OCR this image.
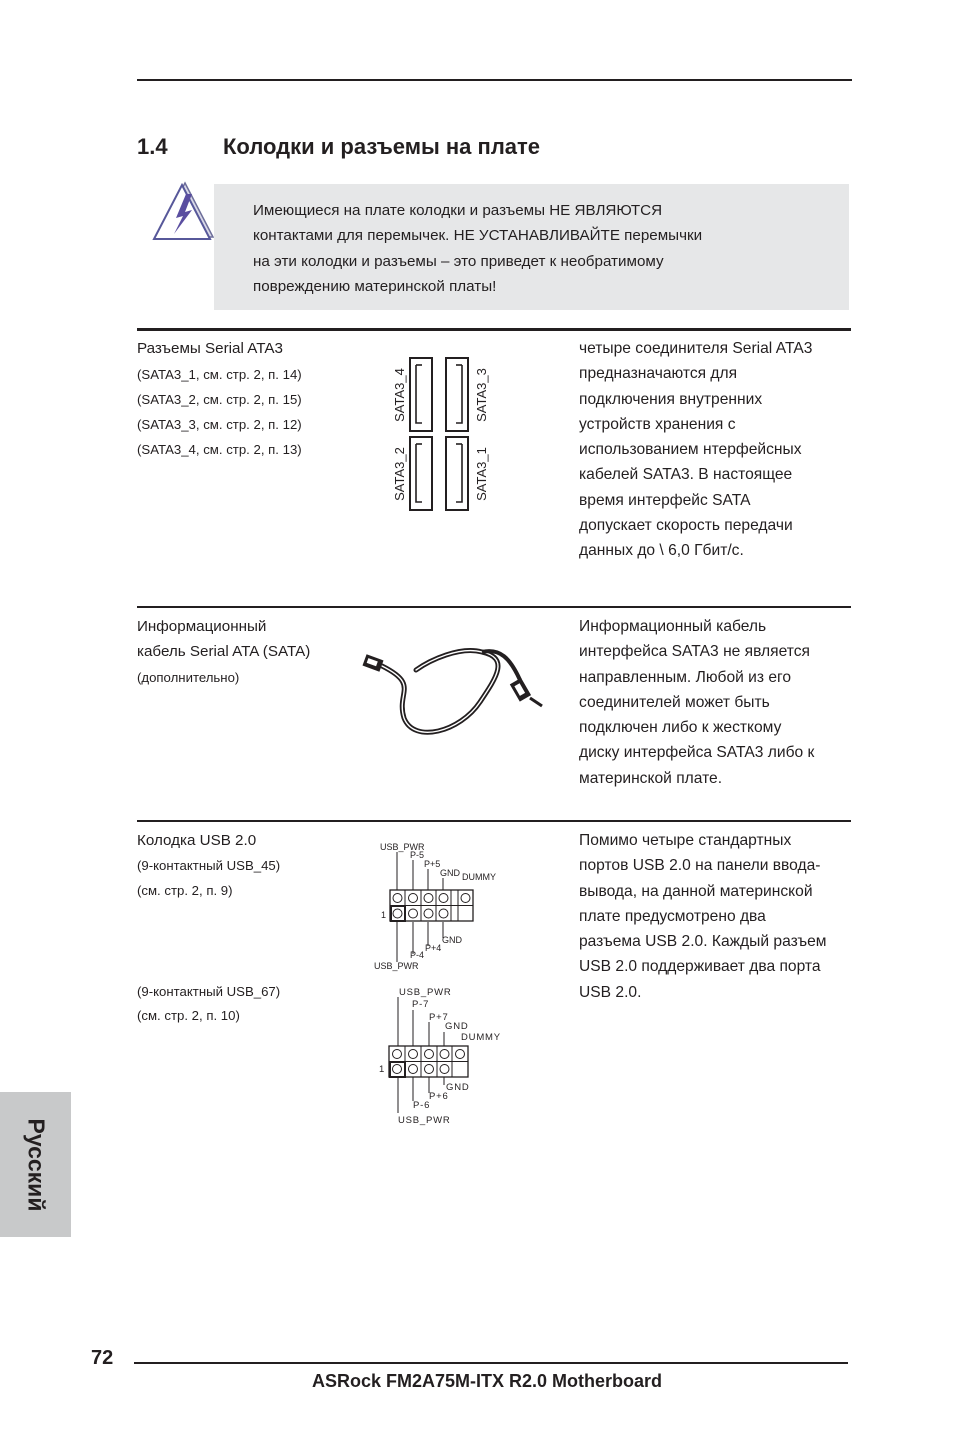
1.4	Колодки и разъемы на плате
Имеющиеся на плате колодки и разъемы НЕ ЯВЛЯЮТСЯ
контактами для перемычек. НЕ УСТАНАВЛИВАЙТЕ перемычки
на эти колодки и разъемы – это приведет к необратимому
повреждению материнской платы!
Разъемы Serial ATA3
(SATA3_1, см. стр. 2, п. 14)
(SATA3_2, см. стр. 2, п. 15)
(SATA3_3, см. стр. 2, п. 12)
(SATA3_4, см. стр. 2, п. 13)
SATA3_4	SATA3_3
SATA3_2	SATA3_1
четыре соединителя Serial ATA3
предназначаются для
подключения внутренних
устройств хранения с
использованием нтерфейсных
кабелей SATA3. В настоящее
время интерфейс SATA
допускает скорость передачи
данных до \ 6,0 Гбит/с.
Информационный
кабель Serial ATA (SATA)
(дополнительно)
Информационный кабель
интерфейса SATA3 не является
направленным. Любой из его
соединителей может быть
подключен либо к жесткому
диску интерфейса SATA3 либо к
материнской плате.
Колодка USB 2.0
(9-контактный USB_45)
(см. стр. 2, п. 9)
(9-контактный USB_67)
(см. стр. 2, п. 10)
USB_PWR
P-5
P+5
GND DUMMY
GND
P+4
P-4
USB_PWR
1
USB_PWR
P-7
P+7
GND
DUMMY
GND
P+6
P-6
USB_PWR
1
Помимо четыре стандартных
портов USB 2.0 на панели ввода-
вывода, на данной материнской
плате предусмотрено два
разъема USB 2.0. Каждый разъем
USB 2.0 поддерживает два порта
USB 2.0.
Русский
72
ASRock FM2A75M-ITX R2.0 Motherboard
